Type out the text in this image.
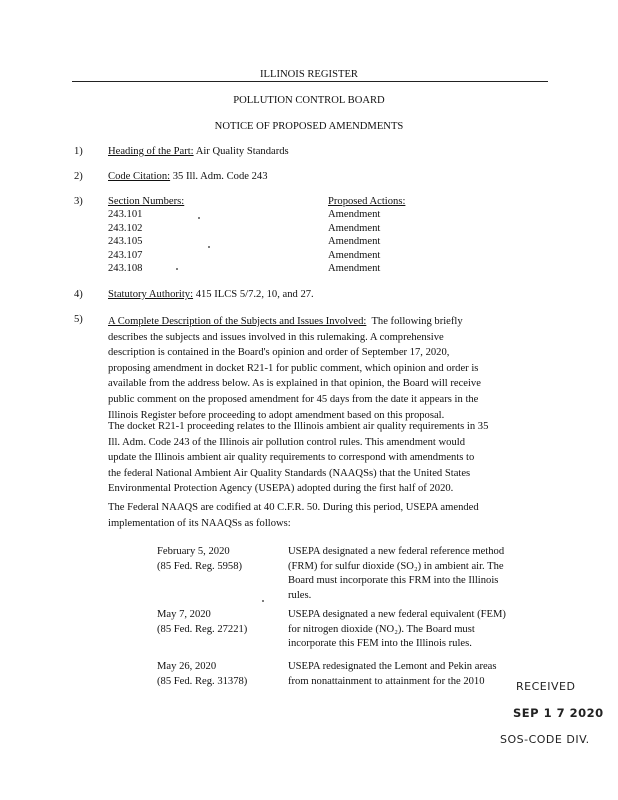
ILLINOIS REGISTER
POLLUTION CONTROL BOARD
NOTICE OF PROPOSED AMENDMENTS
1) Heading of the Part: Air Quality Standards
2) Code Citation: 35 Ill. Adm. Code 243
3) Section Numbers:	Proposed Actions:
243.101	Amendment
243.102	Amendment
243.105	Amendment
243.107	Amendment
243.108	Amendment
4) Statutory Authority: 415 ILCS 5/7.2, 10, and 27.
5) A Complete Description of the Subjects and Issues Involved: The following briefly
describes the subjects and issues involved in this rulemaking. A comprehensive
description is contained in the Board's opinion and order of September 17, 2020,
proposing amendment in docket R21-1 for public comment, which opinion and order is
available from the address below. As is explained in that opinion, the Board will receive
public comment on the proposed amendment for 45 days from the date it appears in the
Illinois Register before proceeding to adopt amendment based on this proposal.
The docket R21-1 proceeding relates to the Illinois ambient air quality requirements in 35
Ill. Adm. Code 243 of the Illinois air pollution control rules. This amendment would
update the Illinois ambient air quality requirements to correspond with amendments to
the federal National Ambient Air Quality Standards (NAAQSs) that the United States
Environmental Protection Agency (USEPA) adopted during the first half of 2020.
The Federal NAAQS are codified at 40 C.F.R. 50. During this period, USEPA amended
implementation of its NAAQSs as follows:
February 5, 2020
(85 Fed. Reg. 5958)
USEPA designated a new federal reference method
(FRM) for sulfur dioxide (SO₂) in ambient air. The
Board must incorporate this FRM into the Illinois
rules.
May 7, 2020
(85 Fed. Reg. 27221)
USEPA designated a new federal equivalent (FEM)
for nitrogen dioxide (NO₂). The Board must
incorporate this FEM into the Illinois rules.
May 26, 2020
(85 Fed. Reg. 31378)
USEPA redesignated the Lemont and Pekin areas
from nonattainment to attainment for the 2010	RECEIVED
SEP 1 7 2020
SOS-CODE DIV.
